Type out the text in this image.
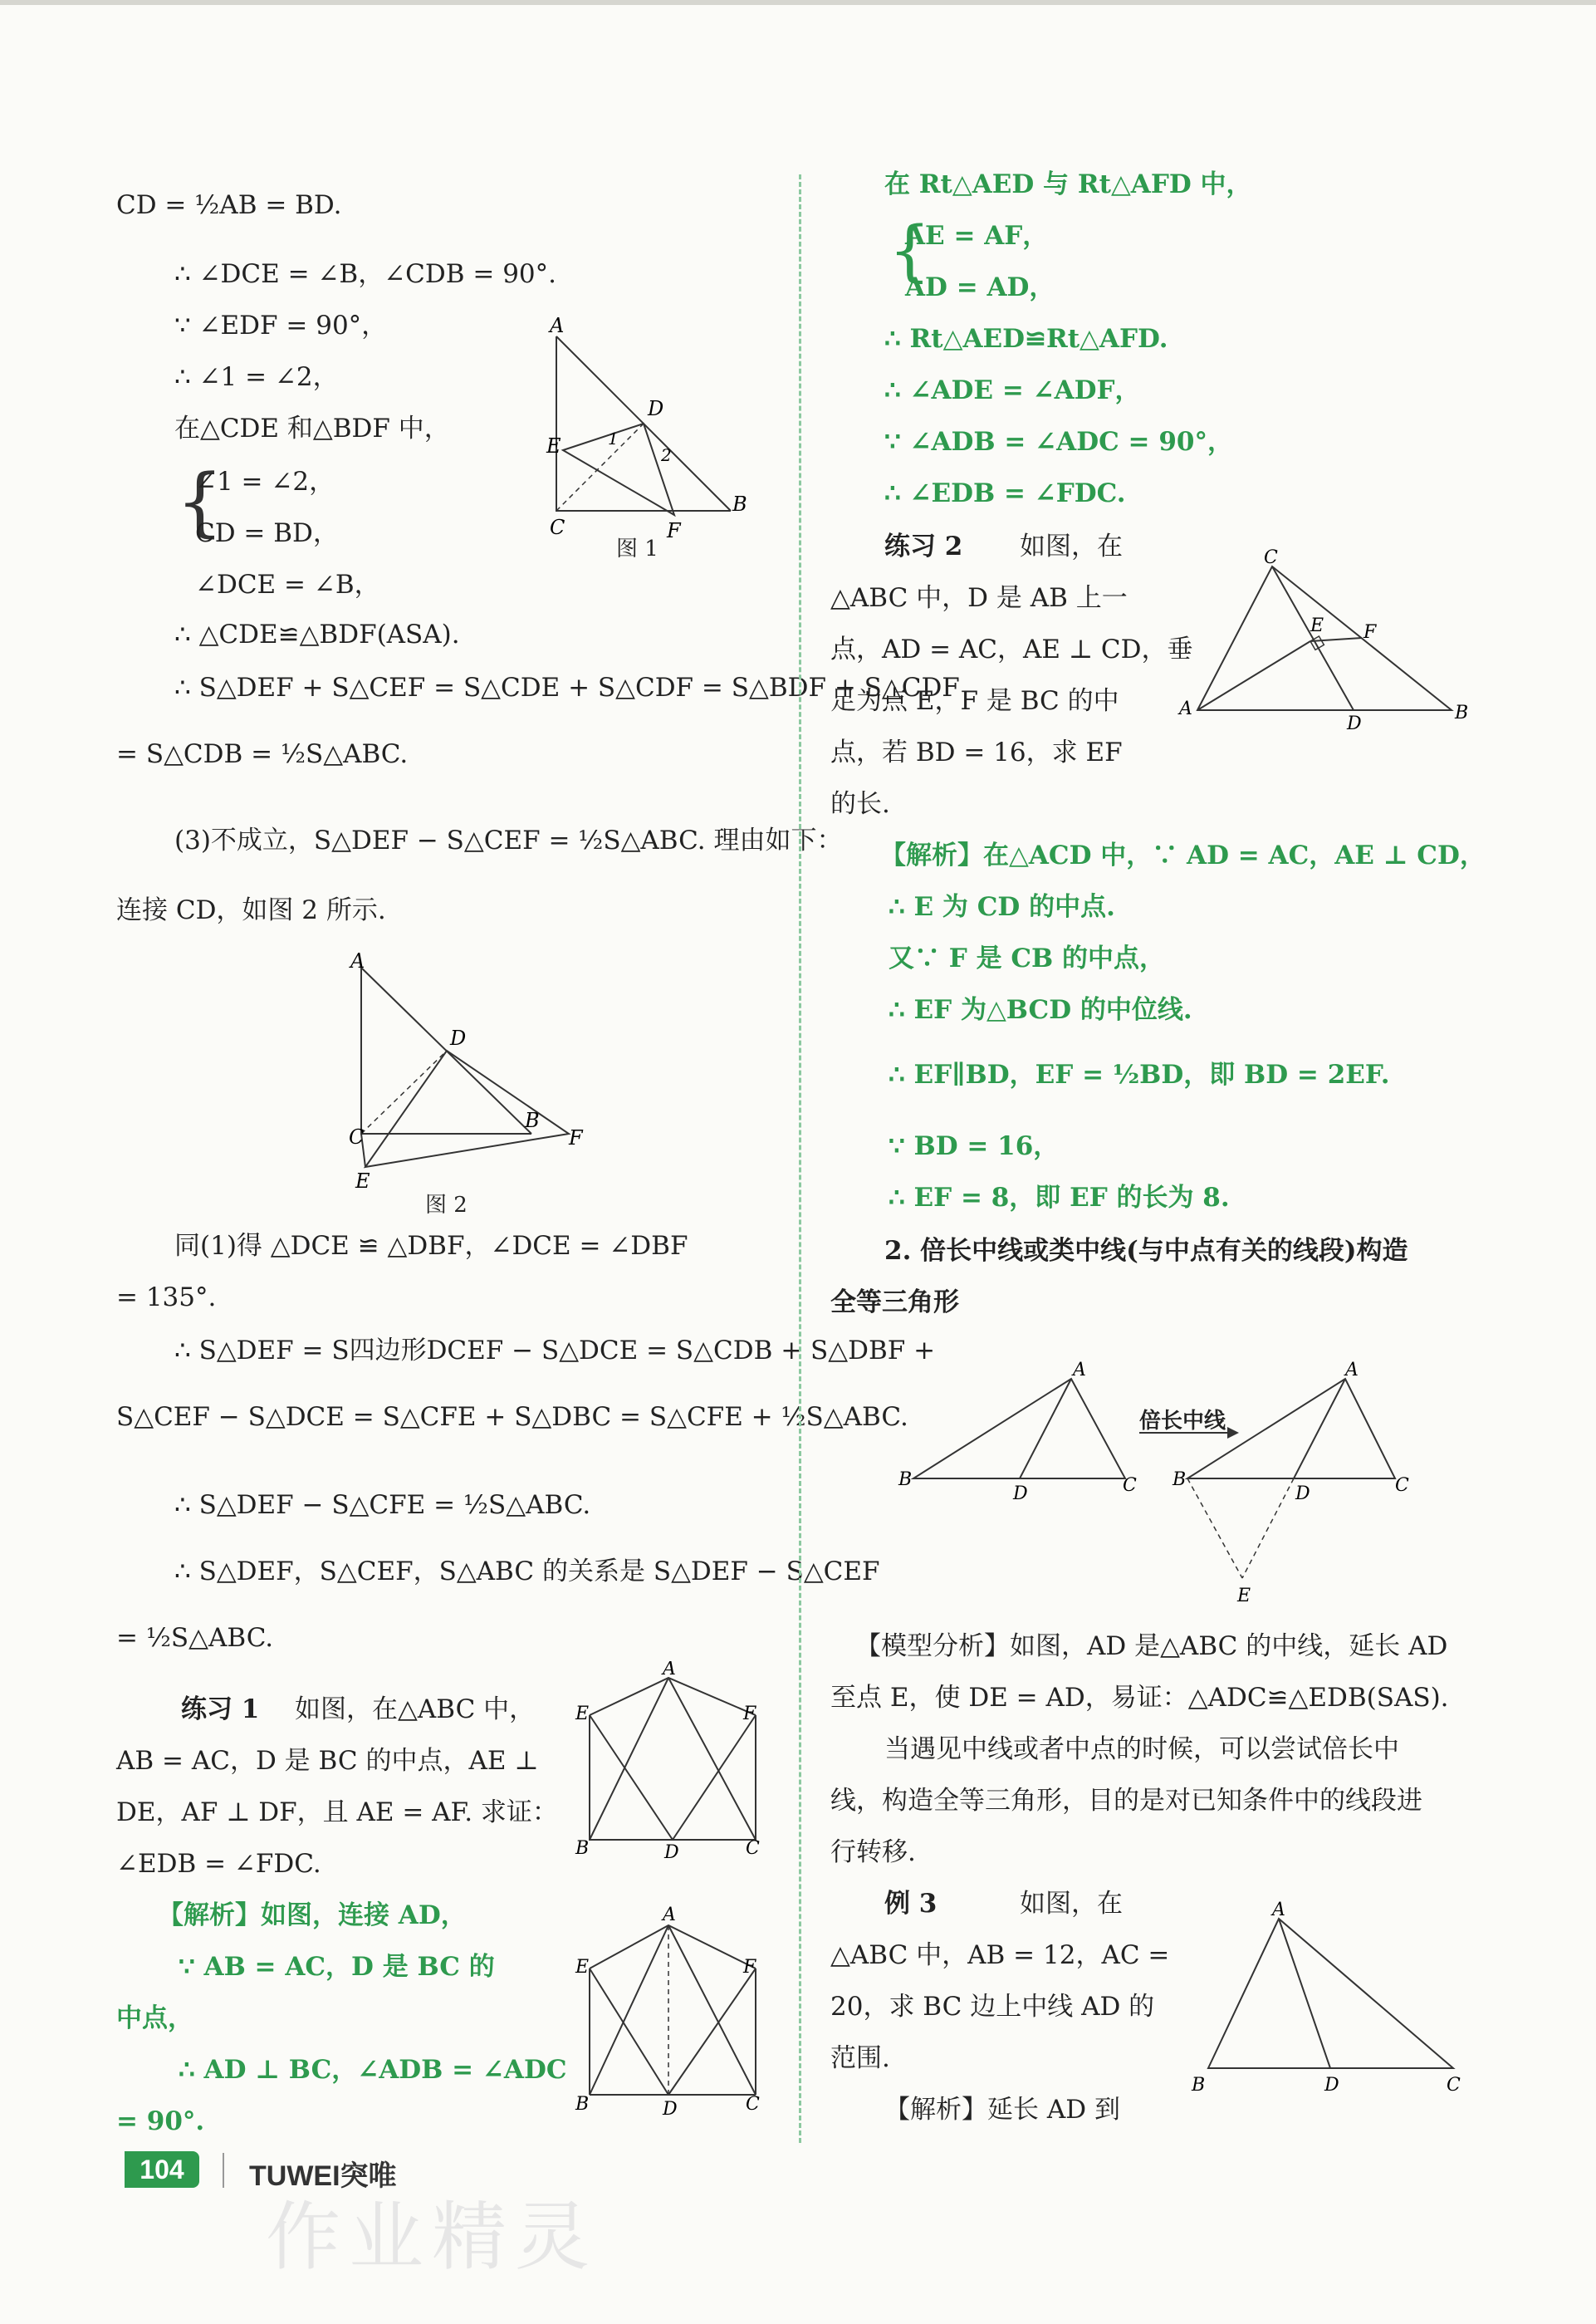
CD = ½AB = BD.
∴ ∠DCE = ∠B，∠CDB = 90°.
∵ ∠EDF = 90°，
∴ ∠1 = ∠2，
在△CDE 和△BDF 中，
{
∠1 = ∠2，
CD = BD，
∠DCE = ∠B，
∴ △CDE≌△BDF(ASA).
∴ S△DEF + S△CEF = S△CDE + S△CDF = S△BDF + S△CDF
= S△CDB = ½S△ABC.
(3)不成立，S△DEF − S△CEF = ½S△ABC. 理由如下：
连接 CD，如图 2 所示.
同(1)得 △DCE ≌ △DBF，∠DCE = ∠DBF
= 135°.
∴ S△DEF = S四边形DCEF − S△DCE = S△CDB + S△DBF +
S△CEF − S△DCE = S△CFE + S△DBC = S△CFE + ½S△ABC.
∴ S△DEF − S△CFE = ½S△ABC.
∴ S△DEF，S△CEF，S△ABC 的关系是 S△DEF − S△CEF
= ½S△ABC.
练习 1 如图，在△ABC 中，
AB = AC，D 是 BC 的中点，AE ⊥
DE，AF ⊥ DF，且 AE = AF. 求证：
∠EDB = ∠FDC.
【解析】如图，连接 AD，
∵ AB = AC，D 是 BC 的
中点，
∴ AD ⊥ BC，∠ADB = ∠ADC
= 90°.
A
D
E	1
2
C	F
B
图 1
A
D
C
B
F
E
图 2
A
E	F
B	D	C
A
E	F
B	D	C
在 Rt△AED 与 Rt△AFD 中，
{
AE = AF，
AD = AD，
∴ Rt△AED≌Rt△AFD.
∴ ∠ADE = ∠ADF，
∵ ∠ADB = ∠ADC = 90°，
∴ ∠EDB = ∠FDC.
练习 2 如图，在
△ABC 中，D 是 AB 上一
点，AD = AC，AE ⊥ CD，垂
足为点 E，F 是 BC 的中
点，若 BD = 16，求 EF
的长.
【解析】在△ACD 中，∵ AD = AC，AE ⊥ CD，
∴ E 为 CD 的中点.
又∵ F 是 CB 的中点，
∴ EF 为△BCD 的中位线.
∴ EF∥BD，EF = ½BD，即 BD = 2EF.
∵ BD = 16，
∴ EF = 8，即 EF 的长为 8.
2. 倍长中线或类中线(与中点有关的线段)构造
全等三角形
【模型分析】如图，AD 是△ABC 的中线，延长 AD
至点 E，使 DE = AD，易证：△ADC≌△EDB(SAS).
当遇见中线或者中点的时候，可以尝试倍长中
线，构造全等三角形，目的是对已知条件中的线段进
行转移.
例 3	如图，在
△ABC 中，AB = 12，AC =
20，求 BC 边上中线 AD 的
范围.
【解析】延长 AD 到
C
E F
A
D
B
A
B
D	C
A
B
D	C
E
倍长中线
A
B	D	C
104	TUWEI突唯
作业精灵
